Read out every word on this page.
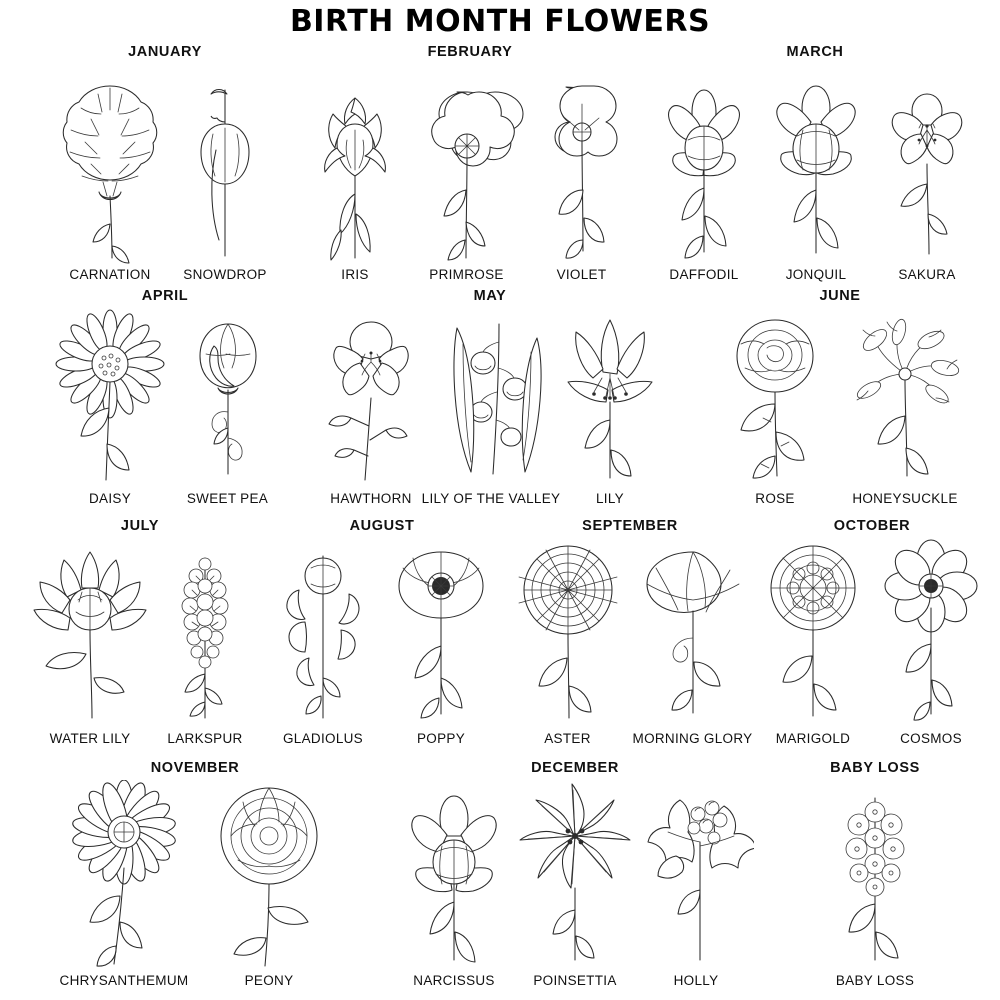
BIRTH MONTH FLOWERS
JANUARY
CARNATION SNOWDROP
FEBRUARY
IRIS	PRIMROSE	VIOLET
MARCH
DAFFODIL	JONQUIL	SAKURA
APRIL
DAISY	SWEET PEA
MAY
HAWTHORN LILY OF THE VALLEY	LILY
JUNE
ROSE	HONEYSUCKLE
JULY
WATER LILY	LARKSPUR
AUGUST
GLADIOLUS	POPPY
SEPTEMBER
ASTER	MORNING GLORY
OCTOBER
MARIGOLD	COSMOS
NOVEMBER
CHRYSANTHEMUM	PEONY
DECEMBER
NARCISSUS	POINSETTIA	HOLLY
BABY LOSS
BABY LOSS
